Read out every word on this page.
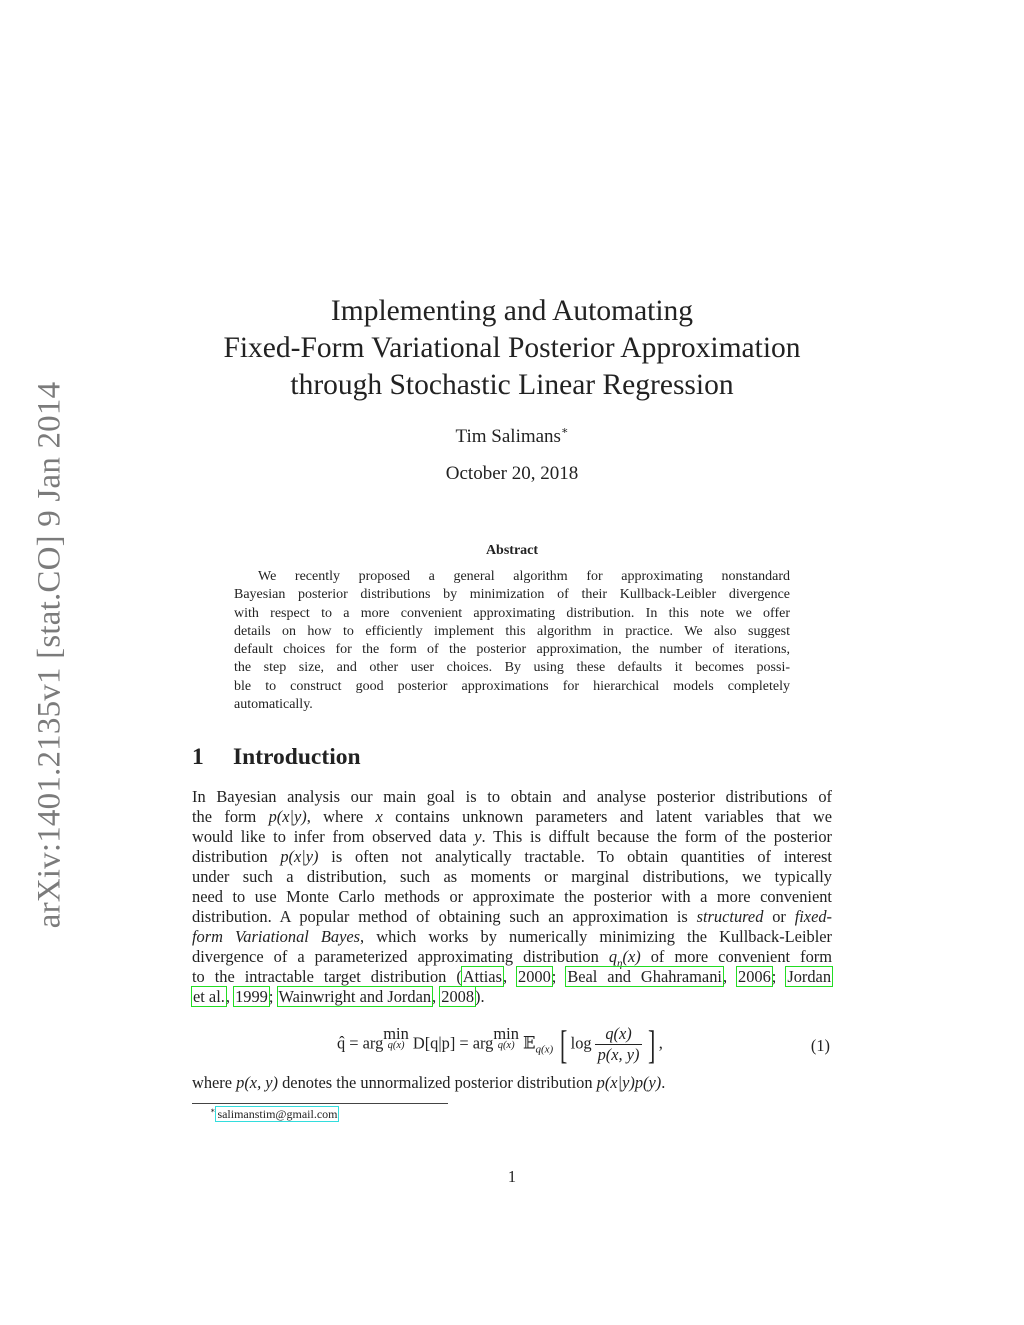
arXiv:1401.2135v1 [stat.CO] 9 Jan 2014
Implementing and Automating
Fixed-Form Variational Posterior Approximation
through Stochastic Linear Regression
Tim Salimans∗
October 20, 2018
Abstract
We recently proposed a general algorithm for approximating nonstandard
Bayesian posterior distributions by minimization of their Kullback-Leibler divergence
with respect to a more convenient approximating distribution. In this note we offer
details on how to efficiently implement this algorithm in practice. We also suggest
default choices for the form of the posterior approximation, the number of iterations,
the step size, and other user choices. By using these defaults it becomes possi-
ble to construct good posterior approximations for hierarchical models completely
automatically.
1 Introduction
In Bayesian analysis our main goal is to obtain and analyse posterior distributions of
the form p(x|y), where x contains unknown parameters and latent variables that we
would like to infer from observed data y. This is diffult because the form of the posterior
distribution p(x|y) is often not analytically tractable. To obtain quantities of interest
under such a distribution, such as moments or marginal distributions, we typically
need to use Monte Carlo methods or approximate the posterior with a more convenient
distribution. A popular method of obtaining such an approximation is structured or fixed-
form Variational Bayes, which works by numerically minimizing the Kullback-Leibler
divergence of a parameterized approximating distribution $q_\eta(x)$ of more convenient form
to the intractable target distribution (Attias, 2000; Beal and Ghahramani, 2006; Jordan
et al., 1999; Wainwright and Jordan, 2008).
q̂ = argmin
q(x) D[q|p] = argmin
q(x) 𝔼$_{q(x)}$ [ $\log \frac{q(x)}{p(x, y)}$ ] ,	(1)
where p(x, y) denotes the unnormalized posterior distribution p(x|y)p(y).
∗ salimanstim@gmail.com
1
